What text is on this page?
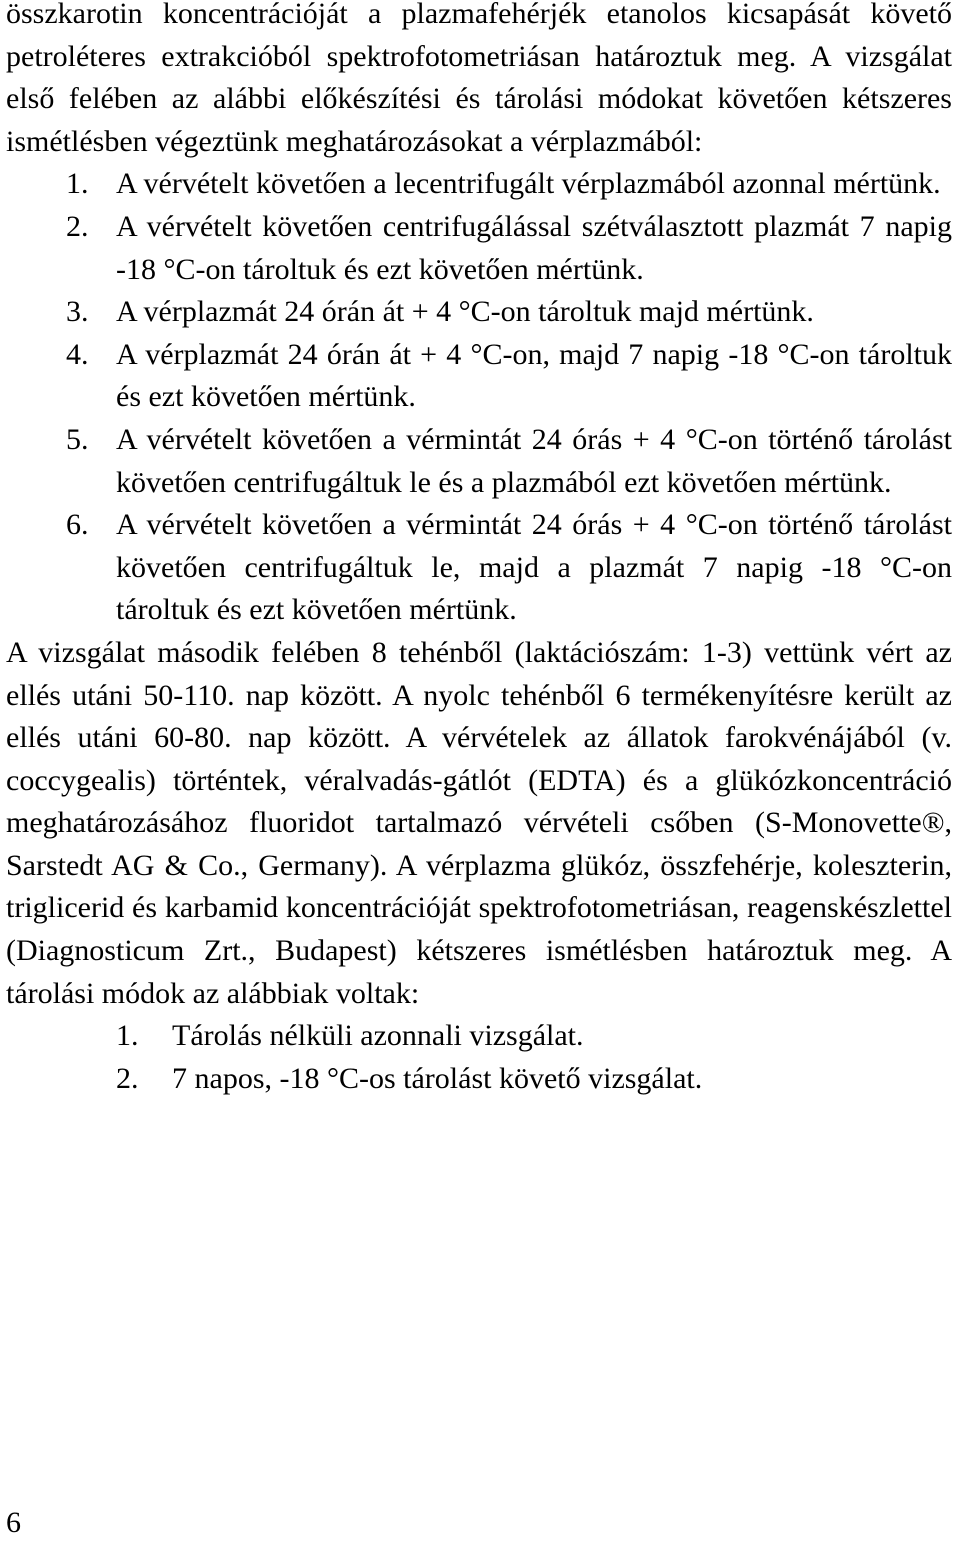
összkarotin koncentrációját a plazmafehérjék etanolos kicsapását követő petroléteres extrakcióból spektrofotometriásan határoztuk meg. A vizsgálat első felében az alábbi előkészítési és tárolási módokat követően kétszeres ismétlésben végeztünk meghatározásokat a vérplazmából:

1. A vérvételt követően a lecentrifugált vérplazmából azonnal mértünk.
2. A vérvételt követően centrifugálással szétválasztott plazmát 7 napig -18 °C-on tároltuk és ezt követően mértünk.
3. A vérplazmát 24 órán át + 4 °C-on tároltuk majd mértünk.
4. A vérplazmát 24 órán át + 4 °C-on, majd 7 napig -18 °C-on tároltuk és ezt követően mértünk.
5. A vérvételt követően a vérmintát 24 órás + 4 °C-on történő tárolást követően centrifugáltuk le és a plazmából ezt követően mértünk.
6. A vérvételt követően a vérmintát 24 órás + 4 °C-on történő tárolást követően centrifugáltuk le, majd a plazmát 7 napig -18 °C-on tároltuk és ezt követően mértünk.

A vizsgálat második felében 8 tehénből (laktációszám: 1-3) vettünk vért az ellés utáni 50-110. nap között. A nyolc tehénből 6 termékenyítésre került az ellés utáni 60-80. nap között. A vérvételek az állatok farokvénájából (v. coccygealis) történtek, véralvadás-gátlót (EDTA) és a glükózkoncentráció meghatározásához fluoridot tartalmazó vérvételi csőben (S-Monovette®, Sarstedt AG & Co., Germany). A vérplazma glükóz, összfehérje, koleszterin, triglicerid és karbamid koncentrációját spektrofotometriásan, reagenskészlettel (Diagnosticum Zrt., Budapest) kétszeres ismétlésben határoztuk meg. A tárolási módok az alábbiak voltak:

1. Tárolás nélküli azonnali vizsgálat.
2. 7 napos, -18 °C-os tárolást követő vizsgálat.
6
